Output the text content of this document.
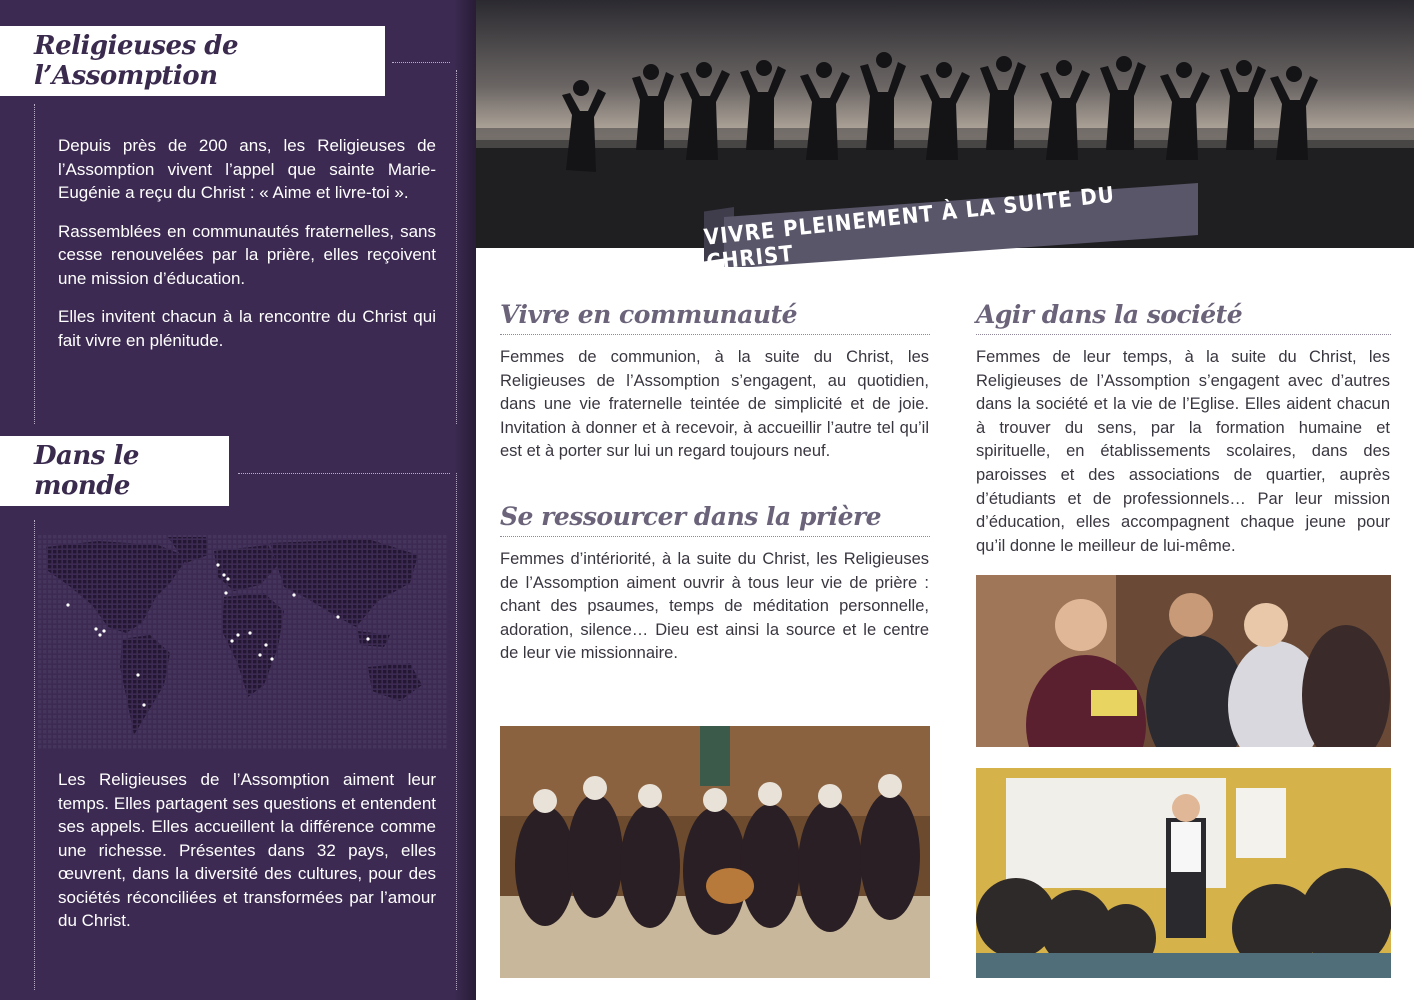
Religieuses de l’Assomption

Depuis près de 200 ans, les Religieuses de l’Assomption vivent l’appel que sainte Marie-Eugénie a reçu du Christ : « Aime et livre-toi ».

Rassemblées en communautés fraternelles, sans cesse renouvelées par la prière, elles reçoivent une mission d’éducation.

Elles invitent chacun à la rencontre du Christ qui fait vivre en plénitude.

Dans le monde
Les Religieuses de l’Assomption aiment leur temps. Elles partagent ses questions et entendent ses appels. Elles accueillent la différence comme une richesse. Présentes dans 32 pays, elles œuvrent, dans la diversité des cultures, pour des sociétés réconciliées et transformées par l’amour du Christ.
VIVRE PLEINEMENT À LA SUITE DU CHRIST
Vivre en communauté
Femmes de communion, à la suite du Christ, les Religieuses de l’Assomption s’engagent, au quotidien, dans une vie fraternelle teintée de simplicité et de joie. Invitation à donner et à recevoir, à accueillir l’autre tel qu’il est et à porter sur lui un regard toujours neuf.
Se ressourcer dans la prière
Femmes d’intériorité, à la suite du Christ, les Religieuses de l’Assomption aiment ouvrir à tous leur vie de prière : chant des psaumes, temps de méditation personnelle, adoration, silence… Dieu est ainsi la source et le centre de leur vie missionnaire.
Agir dans la société
Femmes de leur temps, à la suite du Christ, les Religieuses de l’Assomption s’engagent avec d’autres dans la société et la vie de l’Eglise. Elles aident chacun à trouver du sens, par la formation humaine et spirituelle, en établissements scolaires, dans des paroisses et des associations de quartier, auprès d’étudiants et de professionnels… Par leur mission d’éducation, elles accompagnent chaque jeune pour qu’il donne le meilleur de lui-même.
